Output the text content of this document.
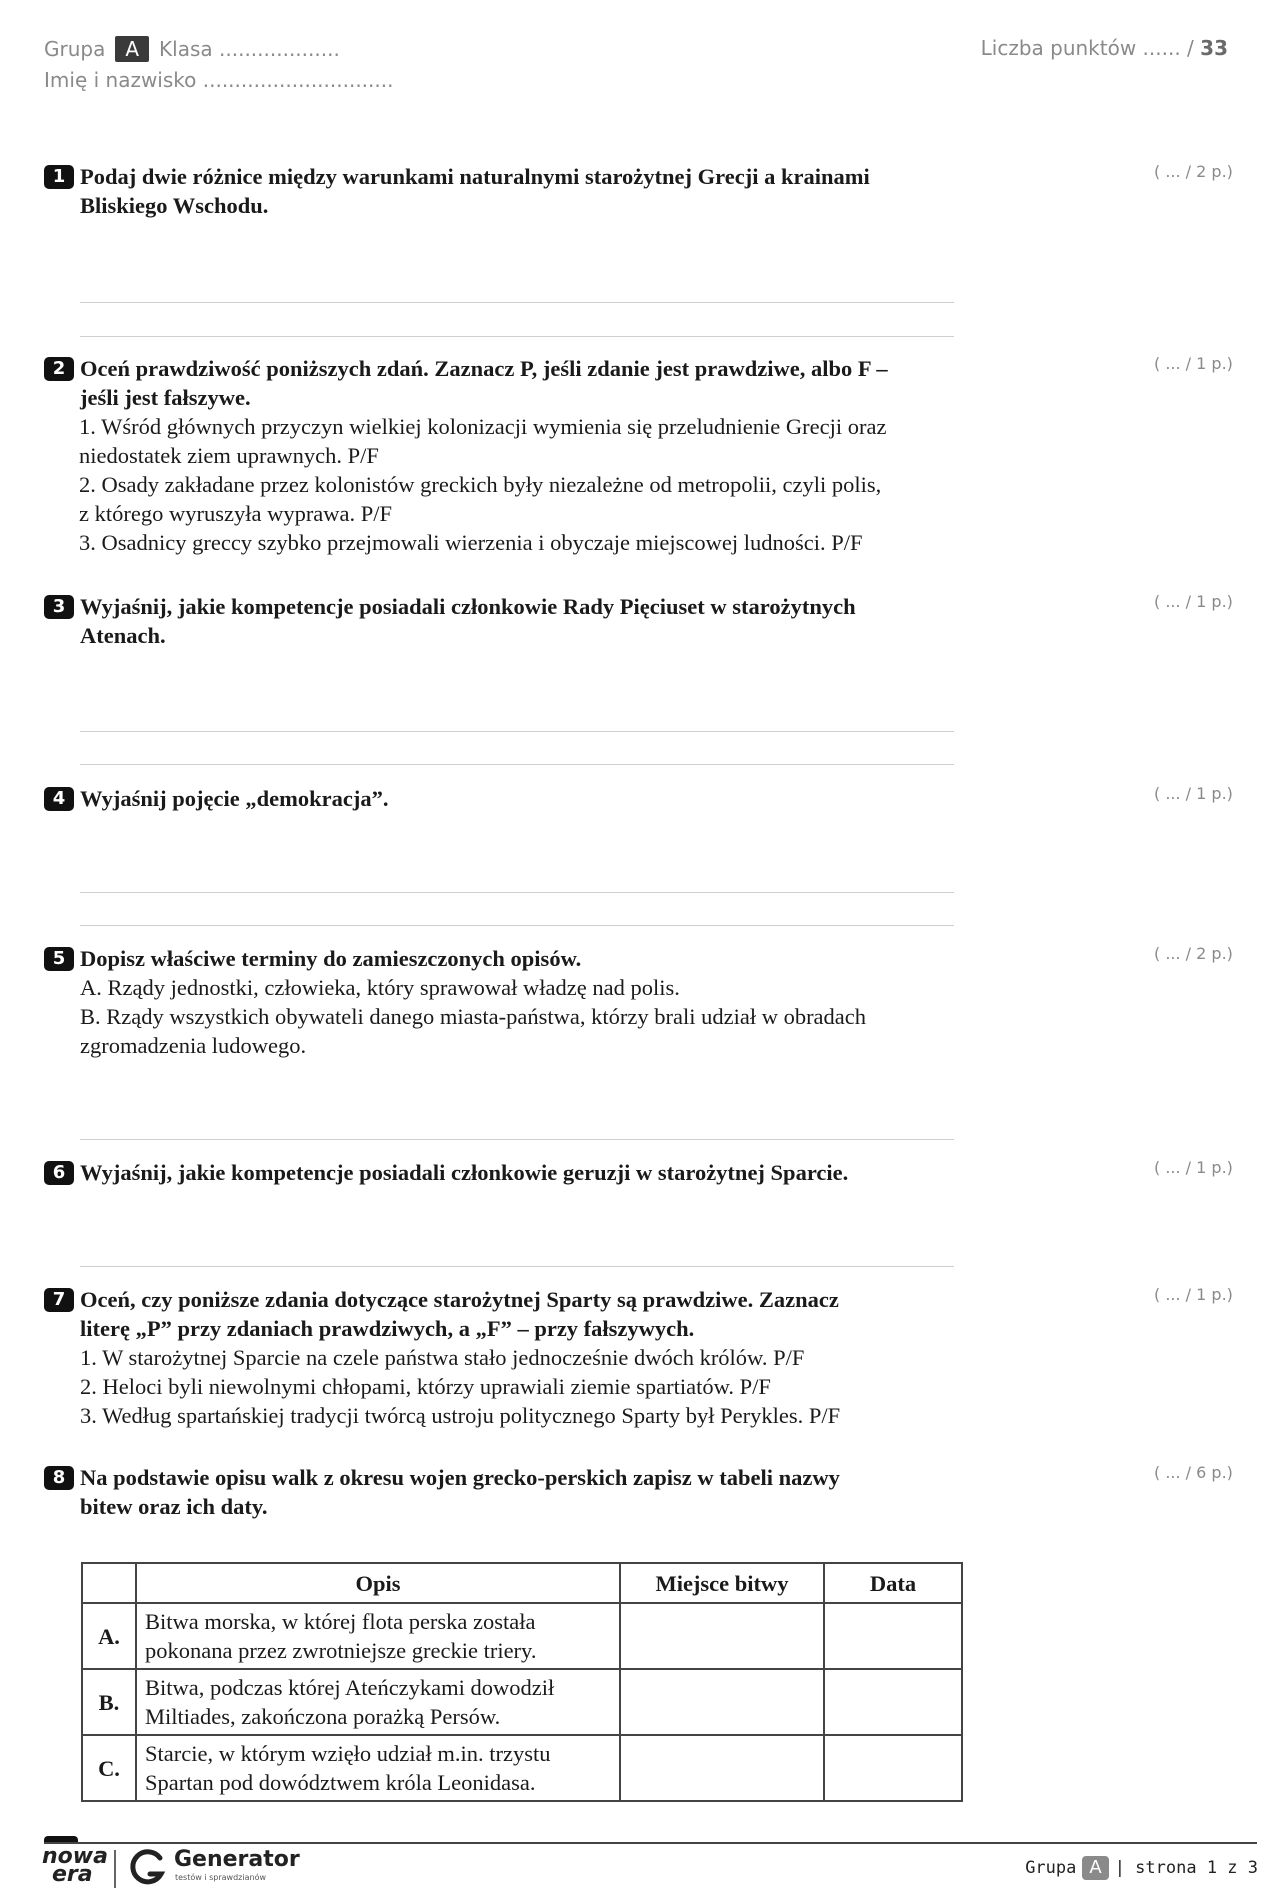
Grupa	A	Klasa ...................
Imię i nazwisko ..............................
Liczba punktów ...... / 33
1 Podaj dwie różnice między warunkami naturalnymi starożytnej Grecji a krainami
Bliskiego Wschodu.
( ... / 2 p.)
2 Oceń prawdziwość poniższych zdań. Zaznacz P, jeśli zdanie jest prawdziwe, albo F –
jeśli jest fałszywe.
1. Wśród głównych przyczyn wielkiej kolonizacji wymienia się przeludnienie Grecji oraz
niedostatek ziem uprawnych. P/F
2. Osady zakładane przez kolonistów greckich były niezależne od metropolii, czyli polis,
z którego wyruszyła wyprawa. P/F
3. Osadnicy greccy szybko przejmowali wierzenia i obyczaje miejscowej ludności. P/F
( ... / 1 p.)
3 Wyjaśnij, jakie kompetencje posiadali członkowie Rady Pięciuset w starożytnych
Atenach.
( ... / 1 p.)
4 Wyjaśnij pojęcie „demokracja”.	( ... / 1 p.)
5 Dopisz właściwe terminy do zamieszczonych opisów.
A. Rządy jednostki, człowieka, który sprawował władzę nad polis.
B. Rządy wszystkich obywateli danego miasta-państwa, którzy brali udział w obradach
zgromadzenia ludowego.
( ... / 2 p.)
6 Wyjaśnij, jakie kompetencje posiadali członkowie geruzji w starożytnej Sparcie.	( ... / 1 p.)
7 Oceń, czy poniższe zdania dotyczące starożytnej Sparty są prawdziwe. Zaznacz
literę „P” przy zdaniach prawdziwych, a „F” – przy fałszywych.
1. W starożytnej Sparcie na czele państwa stało jednocześnie dwóch królów. P/F
2. Heloci byli niewolnymi chłopami, którzy uprawiali ziemie spartiatów. P/F
3. Według spartańskiej tradycji twórcą ustroju politycznego Sparty był Perykles. P/F
( ... / 1 p.)
8 Na podstawie opisu walk z okresu wojen grecko-perskich zapisz w tabeli nazwy
bitew oraz ich daty.
( ... / 6 p.)
	Opis	Miejsce bitwy	Data
A.	Bitwa morska, w której flota perska została
pokonana przez zwrotniejsze greckie triery.		

B.	Bitwa, podczas której Ateńczykami dowodził
Miltiades, zakończona porażką Persów.		

C.	Starcie, w którym wzięło udział m.in. trzystu
Spartan pod dowództwem króla Leonidasa.		

nowa
era
Generator
testów i sprawdzianów	Grupa A | strona 1 z 3
